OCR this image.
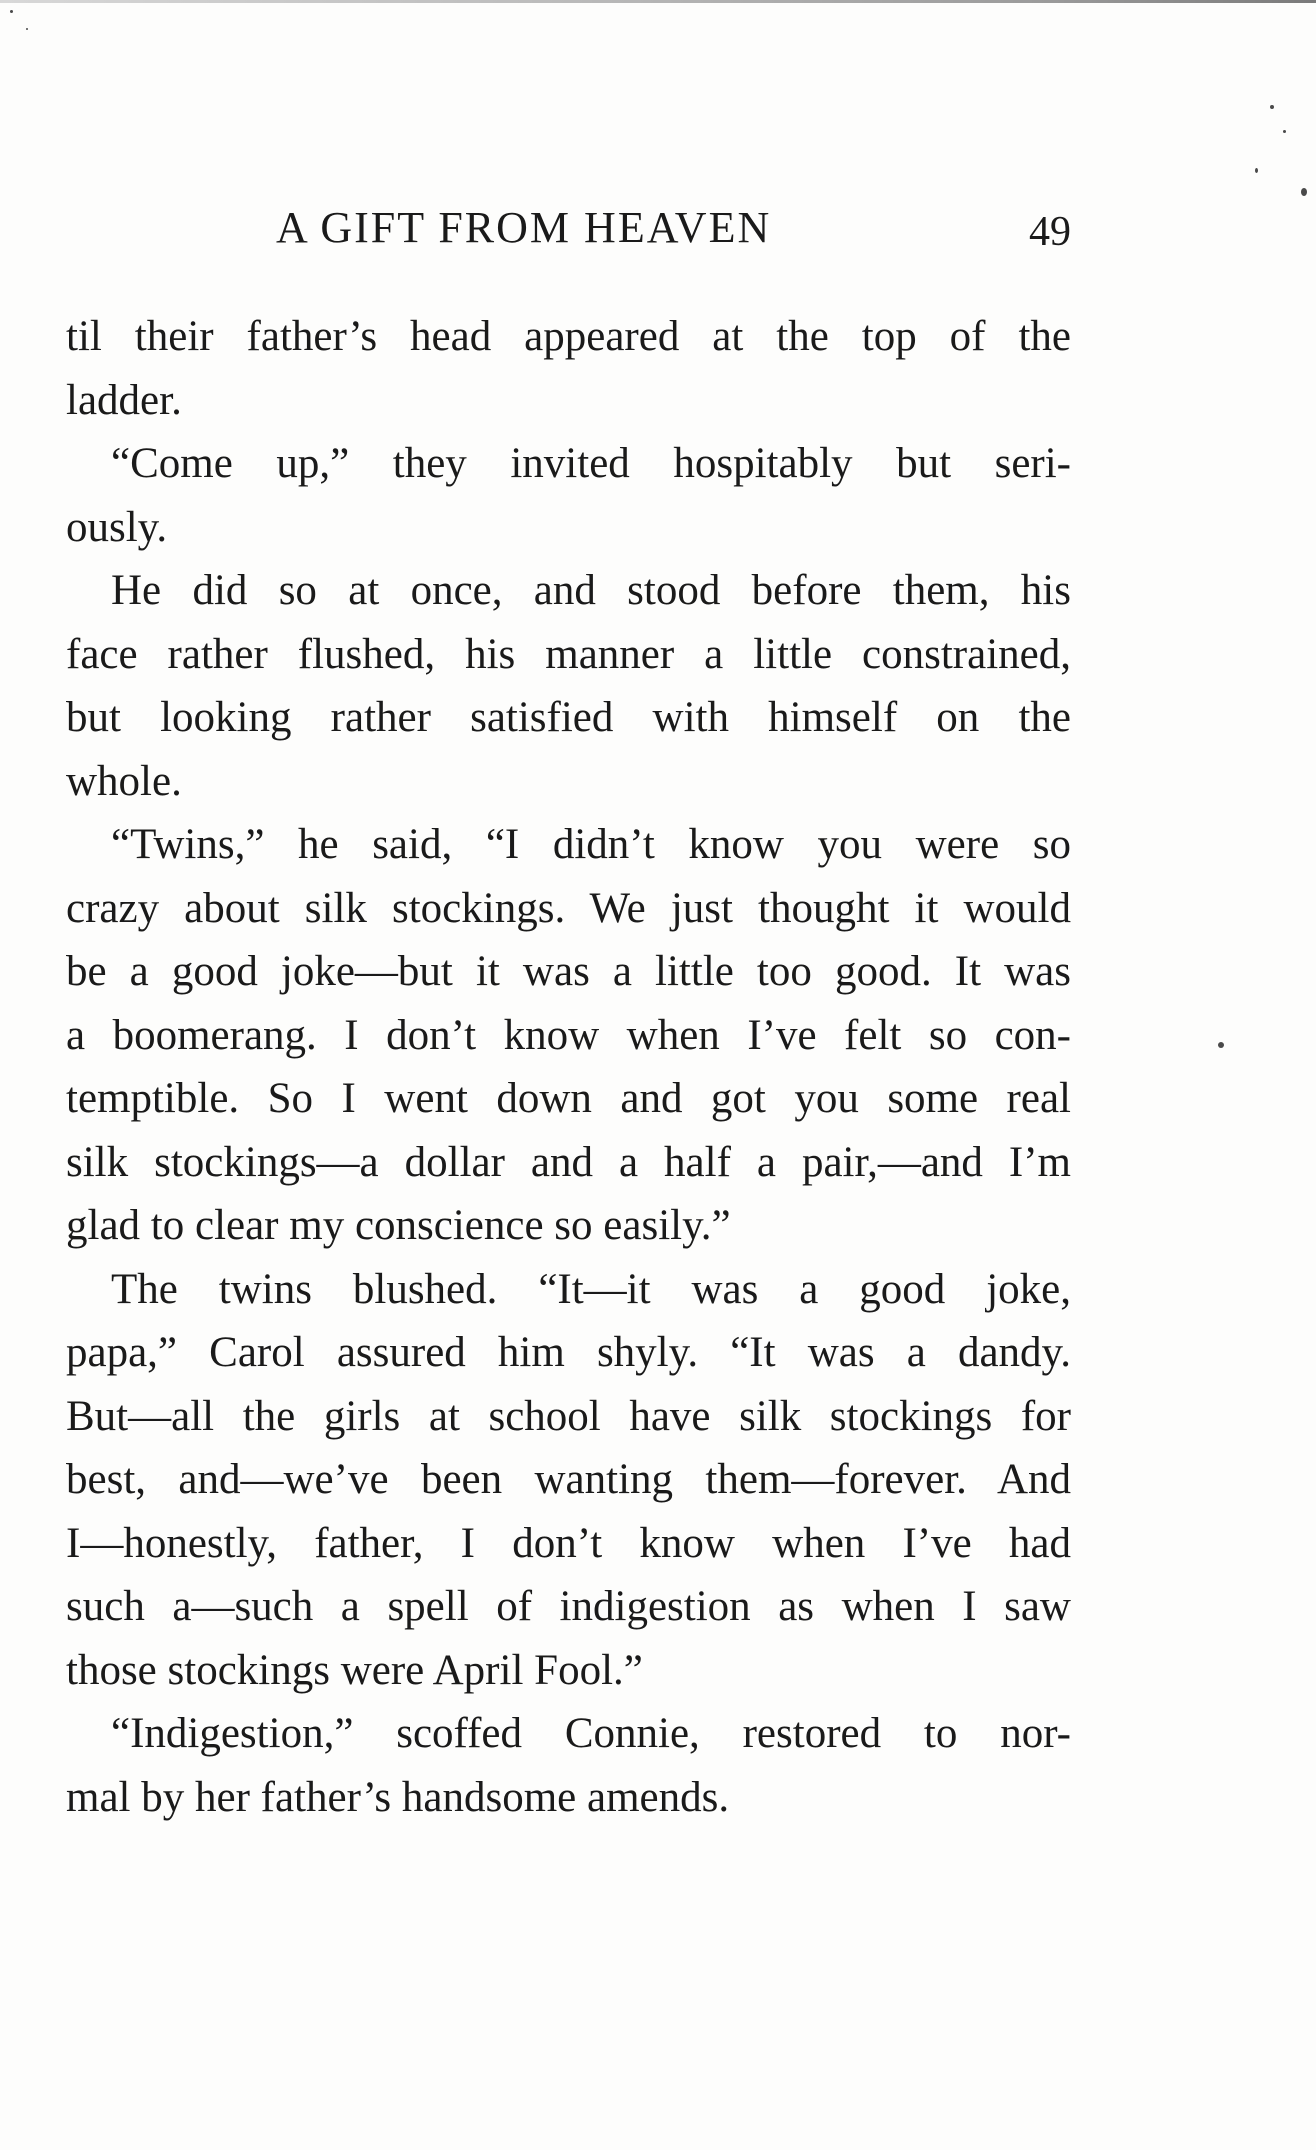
A GIFT FROM HEAVEN	49
til their father’s head appeared at the top of the
ladder.
“Come up,” they invited hospitably but seri-
ously.
He did so at once, and stood before them, his
face rather flushed, his manner a little constrained,
but looking rather satisfied with himself on the
whole.
“Twins,” he said, “I didn’t know you were so
crazy about silk stockings. We just thought it would
be a good joke—but it was a little too good. It was
a boomerang. I don’t know when I’ve felt so con-
temptible. So I went down and got you some real
silk stockings—a dollar and a half a pair,—and I’m
glad to clear my conscience so easily.”
The twins blushed. “It—it was a good joke,
papa,” Carol assured him shyly. “It was a dandy.
But—all the girls at school have silk stockings for
best, and—we’ve been wanting them—forever. And
I—honestly, father, I don’t know when I’ve had
such a—such a spell of indigestion as when I saw
those stockings were April Fool.”
“Indigestion,” scoffed Connie, restored to nor-
mal by her father’s handsome amends.
